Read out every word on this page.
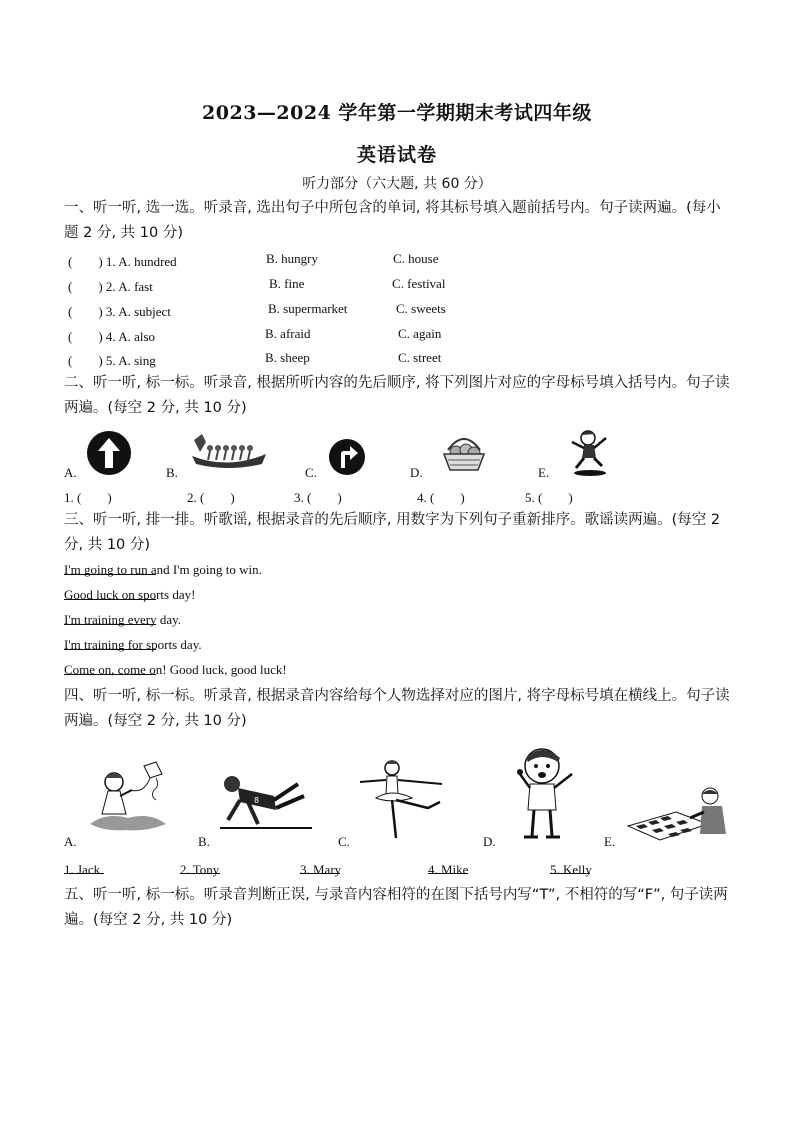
2023—2024 学年第一学期期末考试四年级
英语试卷
听力部分（六大题, 共 60 分）
一、听一听, 选一选。听录音, 选出句子中所包含的单词, 将其标号填入题前括号内。句子读两遍。(每小题 2 分, 共 10 分)
(　　) 1. A. hundred	B. hungry	C. house
(　　) 2. A. fast	B. fine	C. festival
(　　) 3. A. subject	B. supermarket	C. sweets
(　　) 4. A. also	B. afraid	C. again
(　　) 5. A. sing	B. sheep	C. street
二、听一听, 标一标。听录音, 根据所听内容的先后顺序, 将下列图片对应的字母标号填入括号内。句子读两遍。(每空 2 分, 共 10 分)
A.	B.	C.	D.	E.
1. (　　)	2. (　　)	3. (　　)	4. (　　)	5. (　　)
三、听一听, 排一排。听歌谣, 根据录音的先后顺序, 用数字为下列句子重新排序。歌谣读两遍。(每空 2 分, 共 10 分)
I'm going to run and I'm going to win.
Good luck on sports day!
I'm training every day.
I'm training for sports day.
Come on, come on! Good luck, good luck!
四、听一听, 标一标。听录音, 根据录音内容给每个人物选择对应的图片, 将字母标号填在横线上。句子读两遍。(每空 2 分, 共 10 分)
A.	B.
8
C.	D.	E.
1. Jack	2. Tony	3. Mary	4. Mike	5. Kelly
五、听一听, 标一标。听录音判断正误, 与录音内容相符的在图下括号内写“T”, 不相符的写“F”, 句子读两遍。(每空 2 分, 共 10 分)
